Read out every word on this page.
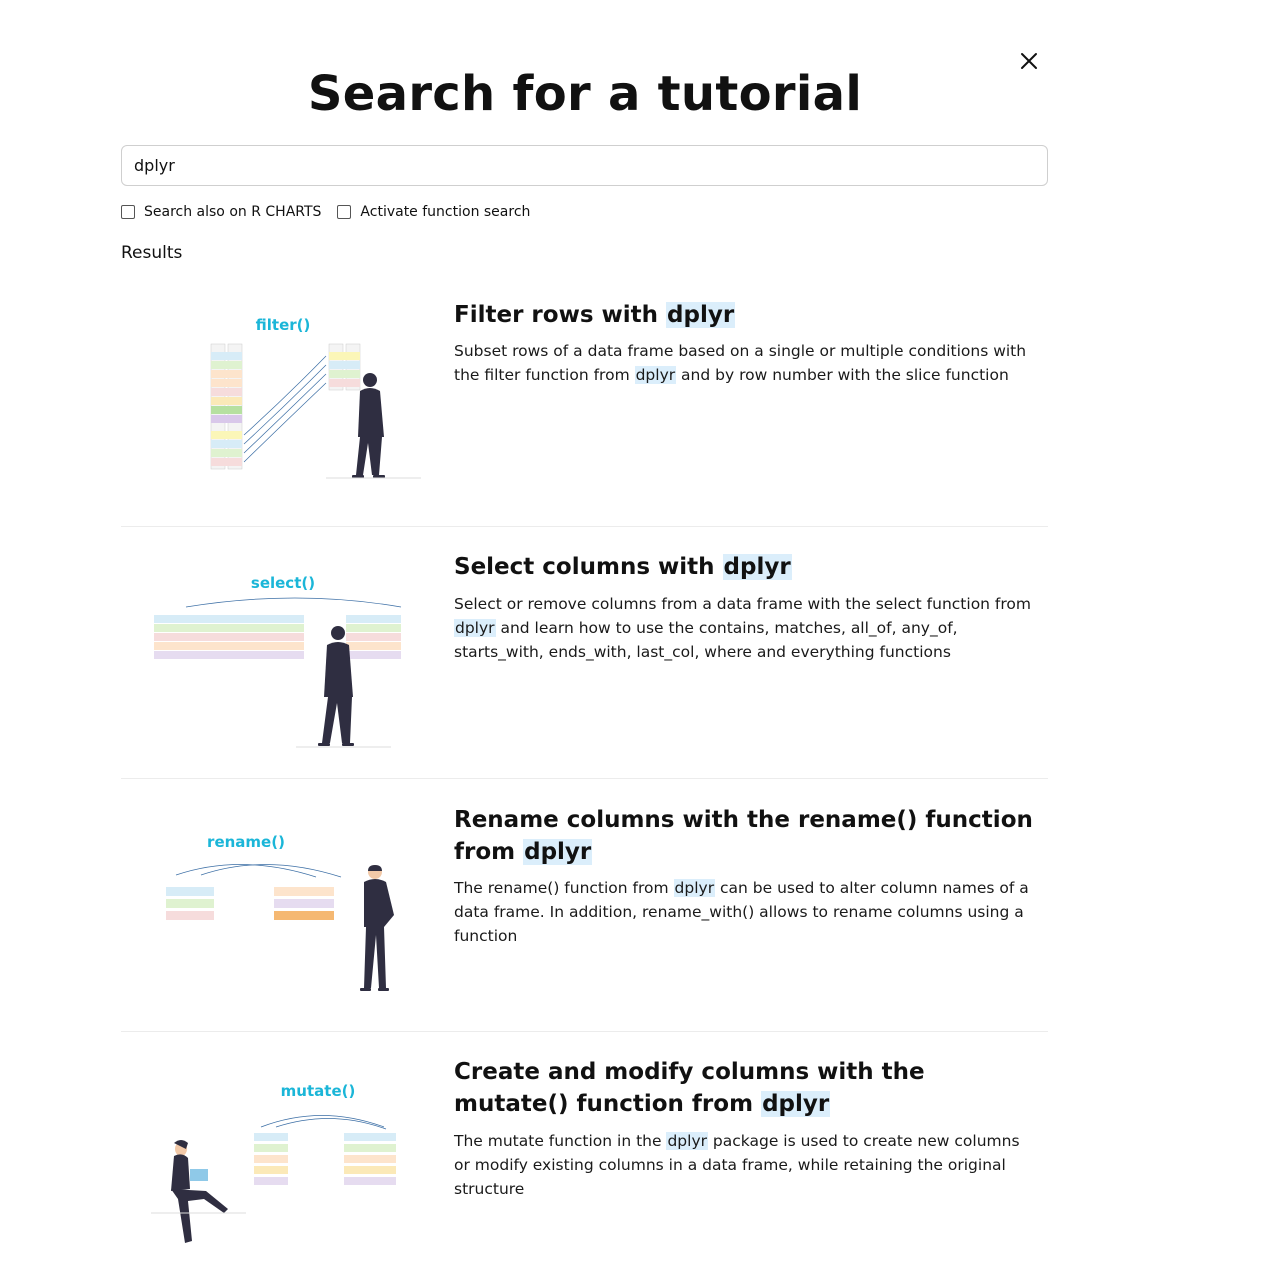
Search for a tutorial
dplyr
Search also on R CHARTS	Activate function search
Results
filter()	Filter rows with dplyr

Subset rows of a data frame based on a single or multiple conditions with the filter function from dplyr and by row number with the slice function

select()
Select columns with dplyr

Select or remove columns from a data frame with the select function from dplyr and learn how to use the contains, matches, all_of, any_of, starts_with, ends_with, last_col, where and everything functions

rename()
Rename columns with the rename() function from dplyr

The rename() function from dplyr can be used to alter column names of a data frame. In addition, rename_with() allows to rename columns using a function

mutate()
Create and modify columns with the mutate() function from dplyr

The mutate function in the dplyr package is used to create new columns or modify existing columns in a data frame, while retaining the original structure
